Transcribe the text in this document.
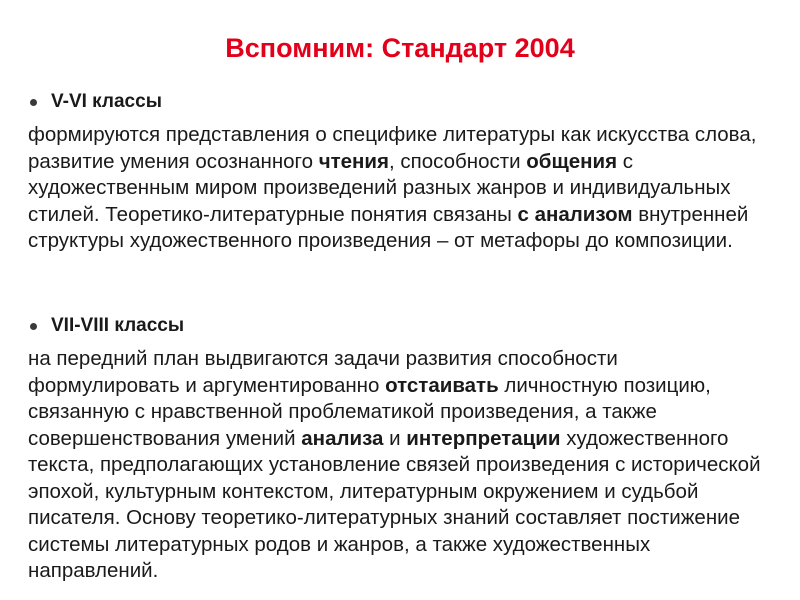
Вспомним: Стандарт 2004
V-VI классы

формируются представления о специфике литературы как искусства слова, развитие умения осознанного чтения, способности общения с художественным миром произведений разных жанров и индивидуальных стилей. Теоретико-литературные понятия связаны с анализом внутренней структуры художественного произведения – от метафоры до композиции.

VII-VIII классы

на передний план выдвигаются задачи развития способности формулировать и аргументированно отстаивать личностную позицию, связанную с нравственной проблематикой произведения, а также совершенствования умений анализа и интерпретации художественного текста, предполагающих установление связей произведения с исторической эпохой, культурным контекстом, литературным окружением и судьбой писателя. Основу теоретико-литературных знаний составляет постижение системы литературных родов и жанров, а также художественных направлений.
